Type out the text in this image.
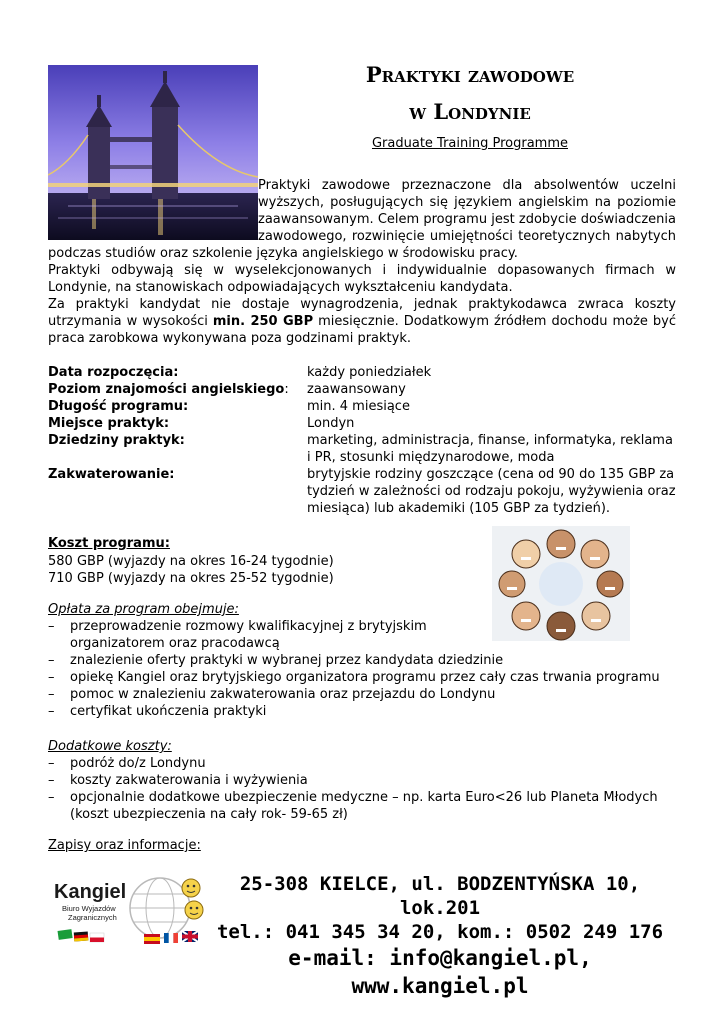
Praktyki zawodowe
w Londynie
Graduate Training Programme

Praktyki zawodowe przeznaczone dla absolwentów uczelni wyższych, posługujących się językiem angielskim na poziomie zaawansowanym. Celem programu jest zdobycie doświadczenia zawodowego, rozwinięcie umiejętności teoretycznych nabytych podczas studiów oraz szkolenie języka angielskiego w środowisku pracy.

Praktyki odbywają się w wyselekcjonowanych i indywidualnie dopasowanych firmach w Londynie, na stanowiskach odpowiadających wykształceniu kandydata.

Za praktyki kandydat nie dostaje wynagrodzenia, jednak praktykodawca zwraca koszty utrzymania w wysokości min. 250 GBP miesięcznie. Dodatkowym źródłem dochodu może być praca zarobkowa wykonywana poza godzinami praktyk.

Data rozpoczęcia:	każdy poniedziałek
Poziom znajomości angielskiego:	zaawansowany
Długość programu:	min. 4 miesiące
Miejsce praktyk:	Londyn
Dziedziny praktyk:	marketing, administracja, finanse, informatyka, reklama i PR, stosunki międzynarodowe, moda
Zakwaterowanie:	brytyjskie rodziny goszczące (cena od 90 do 135 GBP za tydzień w zależności od rodzaju pokoju, wyżywienia oraz miesiąca) lub akademiki (105 GBP za tydzień).
Koszt programu:
580 GBP (wyjazdy na okres 16-24 tygodnie)
710 GBP (wyjazdy na okres 25-52 tygodnie)
Opłata za program obejmuje:
– przeprowadzenie rozmowy kwalifikacyjnej z brytyjskim organizatorem oraz pracodawcą
– znalezienie oferty praktyki w wybranej przez kandydata dziedzinie
– opiekę Kangiel oraz brytyjskiego organizatora programu przez cały czas trwania programu
– pomoc w znalezieniu zakwaterowania oraz przejazdu do Londynu
– certyfikat ukończenia praktyki
Dodatkowe koszty:
– podróż do/z Londynu
– koszty zakwaterowania i wyżywienia
– opcjonalnie dodatkowe ubezpieczenie medyczne – np. karta Euro<26 lub Planeta Młodych (koszt ubezpieczenia na cały rok- 59-65 zł)
Zapisy oraz informacje:
Kangiel
Biuro Wyjazdów
Zagranicznych
25-308 KIELCE, ul. BODZENTYŃSKA 10, lok.201
tel.: 041 345 34 20, kom.: 0502 249 176
e-mail: info@kangiel.pl, www.kangiel.pl
